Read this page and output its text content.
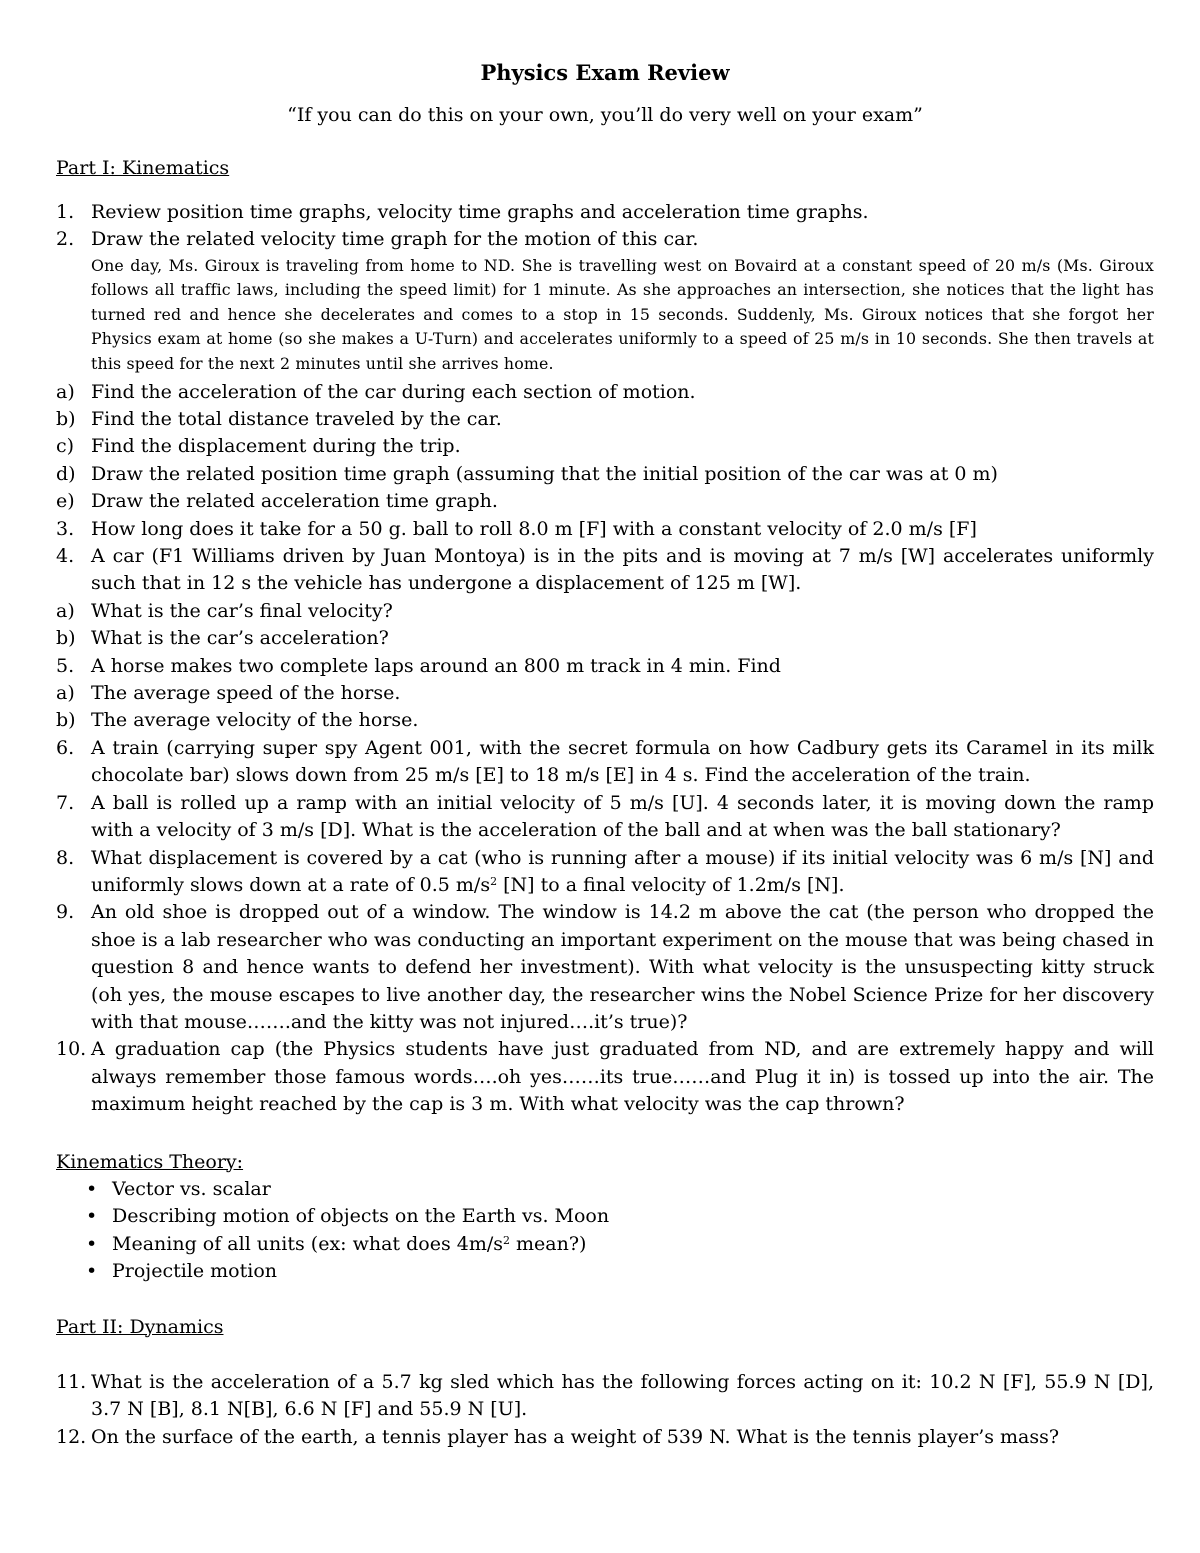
Physics Exam Review

“If you can do this on your own, you’ll do very well on your exam”

Part I: Kinematics
1. Review position time graphs, velocity time graphs and acceleration time graphs.
2. Draw the related velocity time graph for the motion of this car.
One day, Ms. Giroux is traveling from home to ND. She is travelling west on Bovaird at a constant speed of 20 m/s (Ms. Giroux follows all traffic laws, including the speed limit) for 1 minute. As she approaches an intersection, she notices that the light has turned red and hence she decelerates and comes to a stop in 15 seconds. Suddenly, Ms. Giroux notices that she forgot her Physics exam at home (so she makes a U-Turn) and accelerates uniformly to a speed of 25 m/s in 10 seconds. She then travels at this speed for the next 2 minutes until she arrives home.
a) Find the acceleration of the car during each section of motion.
b) Find the total distance traveled by the car.
c) Find the displacement during the trip.
d) Draw the related position time graph (assuming that the initial position of the car was at 0 m)
e) Draw the related acceleration time graph.
3. How long does it take for a 50 g. ball to roll 8.0 m [F] with a constant velocity of 2.0 m/s [F]
4. A car (F1 Williams driven by Juan Montoya) is in the pits and is moving at 7 m/s [W] accelerates uniformly such that in 12 s the vehicle has undergone a displacement of 125 m [W].
a) What is the car’s final velocity?
b) What is the car’s acceleration?
5. A horse makes two complete laps around an 800 m track in 4 min. Find
a) The average speed of the horse.
b) The average velocity of the horse.
6. A train (carrying super spy Agent 001, with the secret formula on how Cadbury gets its Caramel in its milk chocolate bar) slows down from 25 m/s [E] to 18 m/s [E] in 4 s. Find the acceleration of the train.
7. A ball is rolled up a ramp with an initial velocity of 5 m/s [U]. 4 seconds later, it is moving down the ramp with a velocity of 3 m/s [D]. What is the acceleration of the ball and at when was the ball stationary?
8. What displacement is covered by a cat (who is running after a mouse) if its initial velocity was 6 m/s [N] and uniformly slows down at a rate of 0.5 $m/s^2$ [N] to a final velocity of 1.2m/s [N].
9. An old shoe is dropped out of a window. The window is 14.2 m above the cat (the person who dropped the shoe is a lab researcher who was conducting an important experiment on the mouse that was being chased in question 8 and hence wants to defend her investment). With what velocity is the unsuspecting kitty struck (oh yes, the mouse escapes to live another day, the researcher wins the Nobel Science Prize for her discovery with that mouse…….and the kitty was not injured….it’s true)?
10. A graduation cap (the Physics students have just graduated from ND, and are extremely happy and will always remember those famous words….oh yes……its true……and Plug it in) is tossed up into the air. The maximum height reached by the cap is 3 m. With what velocity was the cap thrown?
Kinematics Theory:
• Vector vs. scalar
• Describing motion of objects on the Earth vs. Moon
• Meaning of all units (ex: what does $4m/s^2$ mean?)
• Projectile motion
Part II: Dynamics
11. What is the acceleration of a 5.7 kg sled which has the following forces acting on it: 10.2 N [F], 55.9 N [D], 3.7 N [B], 8.1 N[B], 6.6 N [F] and 55.9 N [U].
12. On the surface of the earth, a tennis player has a weight of 539 N. What is the tennis player’s mass?
